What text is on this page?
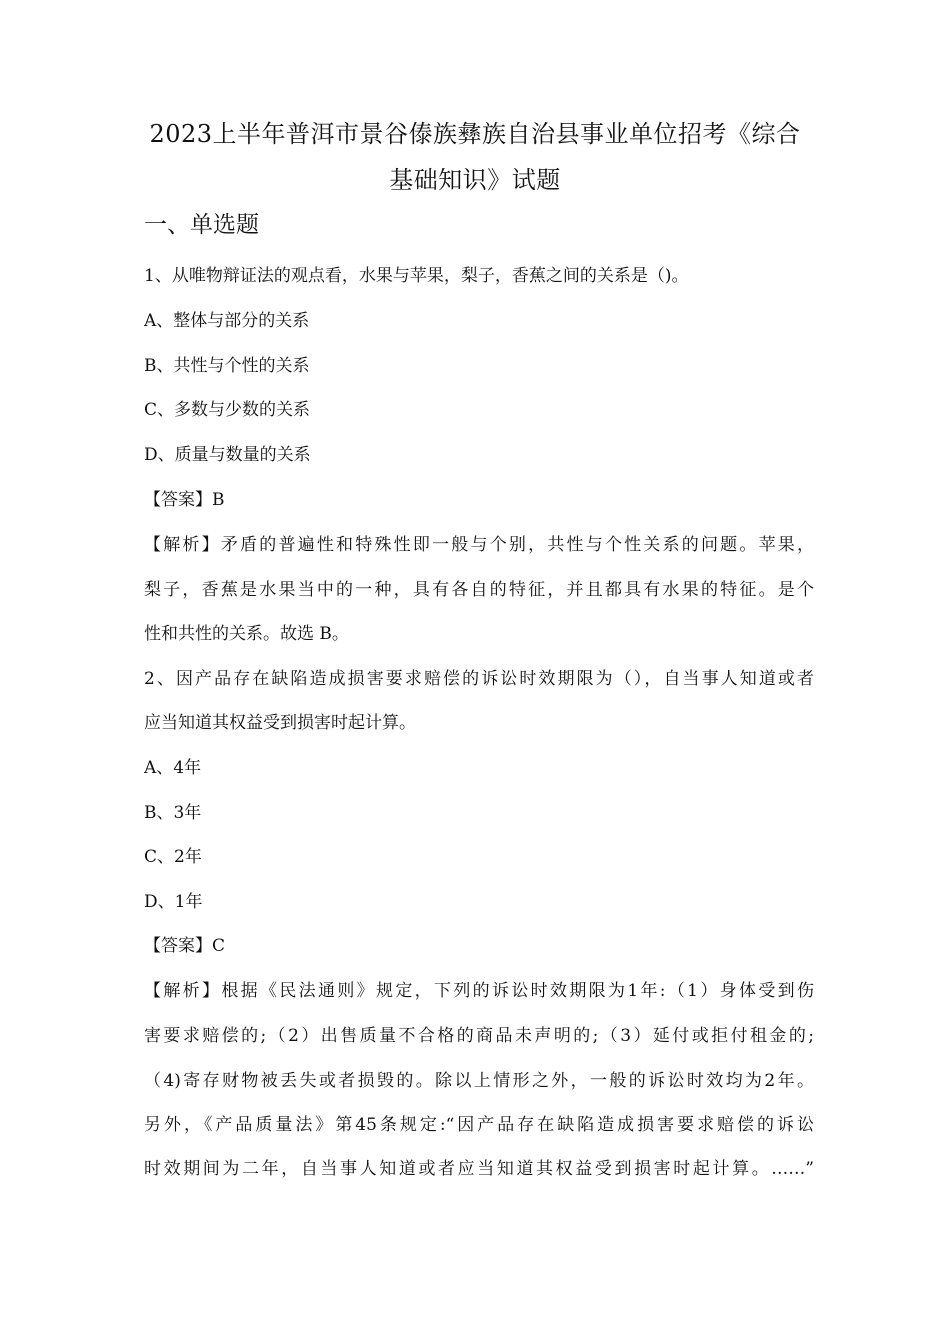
2023上半年普洱市景谷傣族彝族自治县事业单位招考《综合
基础知识》试题
一、单选题
1、从唯物辩证法的观点看，水果与苹果，梨子，香蕉之间的关系是（)。
A、整体与部分的关系
B、共性与个性的关系
C、多数与少数的关系
D、质量与数量的关系
【答案】B
【解析】矛盾的普遍性和特殊性即一般与个别，共性与个性关系的问题。苹果，
梨子，香蕉是水果当中的一种，具有各自的特征，并且都具有水果的特征。是个
性和共性的关系。故选 B。
2、因产品存在缺陷造成损害要求赔偿的诉讼时效期限为（），自当事人知道或者
应当知道其权益受到损害时起计算。
A、4年
B、3年
C、2年
D、1年
【答案】C
【解析】根据《民法通则》规定，下列的诉讼时效期限为1年:（1）身体受到伤
害要求赔偿的;（2）出售质量不合格的商品未声明的;（3）延付或拒付租金的;
（4)寄存财物被丢失或者损毁的。除以上情形之外，一般的诉讼时效均为2年。
另外，《产品质量法》第45条规定:“因产品存在缺陷造成损害要求赔偿的诉讼
时效期间为二年，自当事人知道或者应当知道其权益受到损害时起计算。……”
